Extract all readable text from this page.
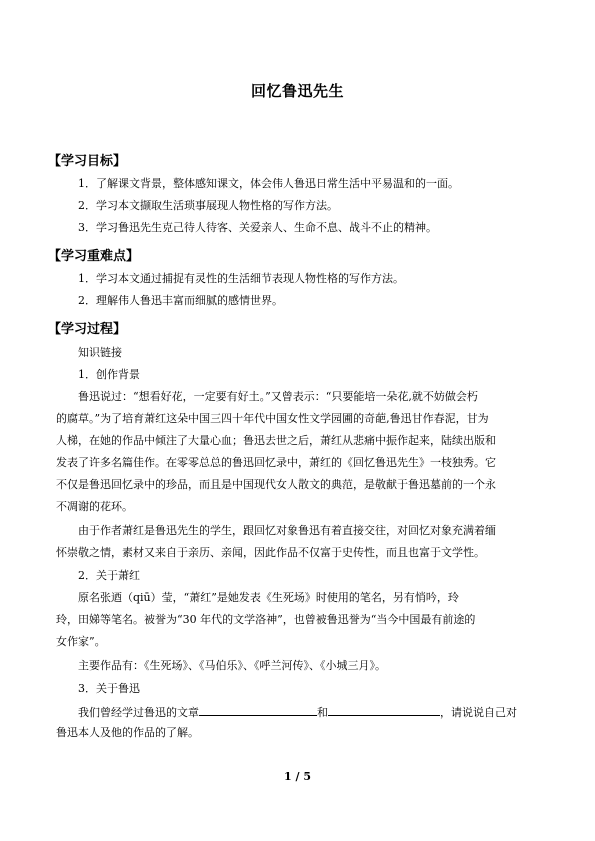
回忆鲁迅先生
【学习目标】
1．了解课文背景，整体感知课文，体会伟人鲁迅日常生活中平易温和的一面。
2．学习本文撷取生活琐事展现人物性格的写作方法。
3．学习鲁迅先生克己待人待客、关爱亲人、生命不息、战斗不止的精神。
【学习重难点】
1．学习本文通过捕捉有灵性的生活细节表现人物性格的写作方法。
2．理解伟人鲁迅丰富而细腻的感情世界。
【学习过程】
知识链接
1．创作背景
鲁迅说过：“想看好花，一定要有好土。”又曾表示：“只要能培一朵花,就不妨做会朽
的腐草。”为了培育萧红这朵中国三四十年代中国女性文学园圃的奇葩,鲁迅甘作春泥，甘为
人梯，在她的作品中倾注了大量心血；鲁迅去世之后，萧红从悲痛中振作起来，陆续出版和
发表了许多名篇佳作。在零零总总的鲁迅回忆录中，萧红的《回忆鲁迅先生》一枝独秀。它
不仅是鲁迅回忆录中的珍品，而且是中国现代女人散文的典范，是敬献于鲁迅墓前的一个永
不凋谢的花环。
由于作者萧红是鲁迅先生的学生，跟回忆对象鲁迅有着直接交往，对回忆对象充满着缅
怀崇敬之情，素材又来自于亲历、亲闻，因此作品不仅富于史传性，而且也富于文学性。
2．关于萧红
原名张迺（qiū）莹，“萧红”是她发表《生死场》时使用的笔名，另有悄吟，玲
玲，田娣等笔名。被誉为“30 年代的文学洛神”，也曾被鲁迅誉为“当今中国最有前途的
女作家”。
主要作品有：《生死场》、《马伯乐》、《呼兰河传》、《小城三月》。
3．关于鲁迅
我们曾经学过鲁迅的文章	和	，请说说自己对
鲁迅本人及他的作品的了解。
1 / 5
